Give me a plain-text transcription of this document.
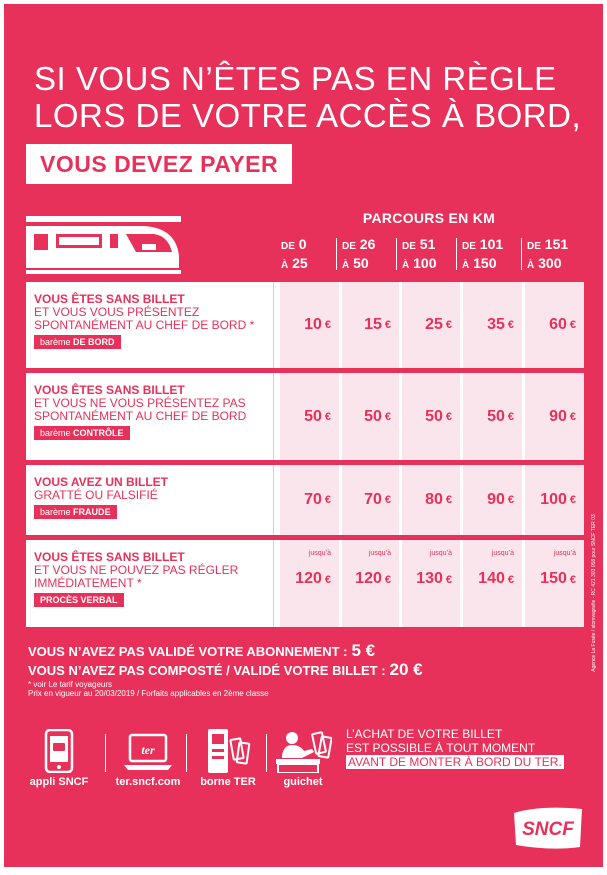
SI VOUS N’ÊTES PAS EN RÈGLE
LORS DE VOTRE ACCÈS À BORD,
VOUS DEVEZ PAYER
PARCOURS EN KM
DE 0
À 25
DE 26
À 50
DE 51
À 100
DE 101
À 150
DE 151
À 300
VOUS ÊTES SANS BILLET
ET VOUS VOUS PRÉSENTEZ
SPONTANÉMENT AU CHEF DE BORD *
barème DE BORD
10 € 15 € 25 € 35 € 60 €
VOUS ÊTES SANS BILLET
ET VOUS NE VOUS PRÉSENTEZ PAS
SPONTANÉMENT AU CHEF DE BORD
barème CONTRÔLE
50 € 50 € 50 € 50 € 90 €
VOUS AVEZ UN BILLET
GRATTÉ OU FALSIFIÉ
barème FRAUDE
70 € 70 € 80 € 90 € 100 €
VOUS ÊTES SANS BILLET
ET VOUS NE POUVEZ PAS RÉGLER
IMMÉDIATEMENT *
PROCÈS VERBAL
jusqu’à
120 €
jusqu’à
120 €
jusqu’à
130 €
jusqu’à
140 €
jusqu’à
150 €
VOUS N’AVEZ PAS VALIDÉ VOTRE ABONNEMENT : 5 €
VOUS N’AVEZ PAS COMPOSTÉ / VALIDÉ VOTRE BILLET : 20 €
* voir Le tarif voyageurs
Prix en vigueur au 20/03/2019 / Forfaits applicables en 2ème classe
Agence La Fusée / stomvagrafie - RC 421 303 058 pour SNCF TER 03
appli SNCF
ter
ter.sncf.com	borne TER	guichet
L’ACHAT DE VOTRE BILLET
EST POSSIBLE À TOUT MOMENT
AVANT DE MONTER À BORD DU TER.
SNCF
